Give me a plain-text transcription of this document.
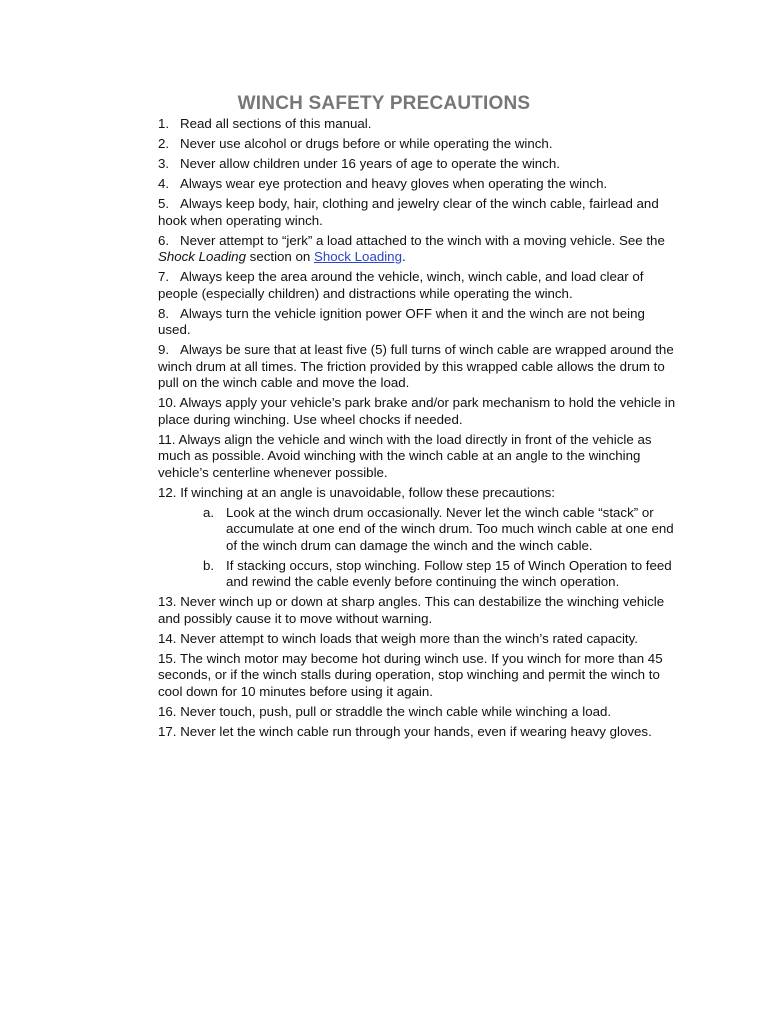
WINCH SAFETY PRECAUTIONS

1. Read all sections of this manual.

2. Never use alcohol or drugs before or while operating the winch.

3. Never allow children under 16 years of age to operate the winch.

4. Always wear eye protection and heavy gloves when operating the winch.

5. Always keep body, hair, clothing and jewelry clear of the winch cable, fairlead and hook when operating winch.

6. Never attempt to “jerk” a load attached to the winch with a moving vehicle. See the Shock Loading section on Shock Loading.

7. Always keep the area around the vehicle, winch, winch cable, and load clear of people (especially children) and distractions while operating the winch.

8. Always turn the vehicle ignition power OFF when it and the winch are not being used.

9. Always be sure that at least five (5) full turns of winch cable are wrapped around the winch drum at all times. The friction provided by this wrapped cable allows the drum to pull on the winch cable and move the load.

10. Always apply your vehicle’s park brake and/or park mechanism to hold the vehicle in place during winching. Use wheel chocks if needed.

11. Always align the vehicle and winch with the load directly in front of the vehicle as much as possible. Avoid winching with the winch cable at an angle to the winching vehicle’s centerline whenever possible.

12. If winching at an angle is unavoidable, follow these precautions:

a. Look at the winch drum occasionally. Never let the winch cable “stack” or accumulate at one end of the winch drum. Too much winch cable at one end of the winch drum can damage the winch and the winch cable.

b. If stacking occurs, stop winching. Follow step 15 of Winch Operation to feed and rewind the cable evenly before continuing the winch operation.

13. Never winch up or down at sharp angles. This can destabilize the winching vehicle and possibly cause it to move without warning.

14. Never attempt to winch loads that weigh more than the winch’s rated capacity.

15. The winch motor may become hot during winch use. If you winch for more than 45 seconds, or if the winch stalls during operation, stop winching and permit the winch to cool down for 10 minutes before using it again.

16. Never touch, push, pull or straddle the winch cable while winching a load.

17. Never let the winch cable run through your hands, even if wearing heavy gloves.
